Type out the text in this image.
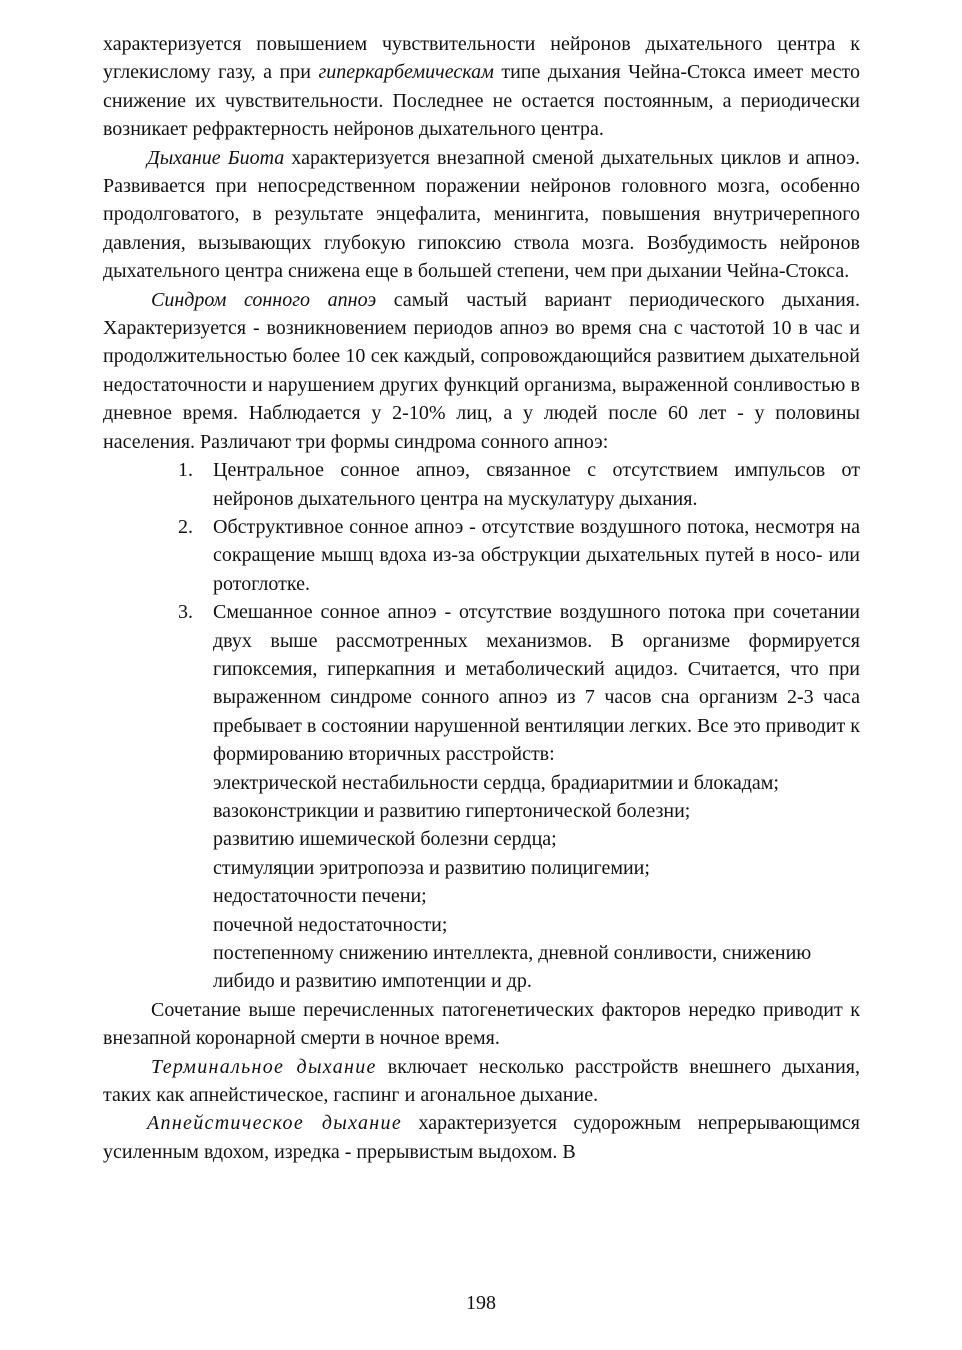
характеризуется повышением чувствительности нейронов дыхательного центра к углекислому газу, а при гиперкарбемическам типе дыхания Чейна-Стокса имеет место снижение их чувствительности. Последнее не остается постоянным, а периодически возникает рефрактерность нейронов дыхательного центра.

Дыхание Биота характеризуется внезапной сменой дыхательных циклов и апноэ. Развивается при непосредственном поражении нейронов головного мозга, особенно продолговатого, в результате энцефалита, менингита, повышения внутричерепного давления, вызывающих глубокую гипоксию ствола мозга. Возбудимость нейронов дыхательного центра снижена еще в большей степени, чем при дыхании Чейна-Стокса.

Синдром сонного апноэ самый частый вариант периодического дыхания. Характеризуется - возникновением периодов апноэ во время сна с частотой 10 в час и продолжительностью более 10 сек каждый, сопровождающийся развитием дыхательной недостаточности и нарушением других функций организма, выраженной сонливостью в дневное время. Наблюдается у 2-10% лиц, а у людей после 60 лет - у половины населения. Различают три формы синдрома сонного апноэ:

1. Центральное сонное апноэ, связанное с отсутствием импульсов от нейронов дыхательного центра на мускулатуру дыхания.
2. Обструктивное сонное апноэ - отсутствие воздушного потока, несмотря на сокращение мышц вдоха из-за обструкции дыхательных путей в носо- или ротоглотке.
3. Смешанное сонное апноэ - отсутствие воздушного потока при сочетании двух выше рассмотренных механизмов. В организме формируется гипоксемия, гиперкапния и метаболический ацидоз. Считается, что при выраженном синдроме сонного апноэ из 7 часов сна организм 2-3 часа пребывает в состоянии нарушенной вентиляции легких. Все это приводит к формированию вторичных расстройств:
электрической нестабильности сердца, брадиаритмии и блокадам;
вазоконстрикции и развитию гипертонической болезни;
развитию ишемической болезни сердца;
стимуляции эритропоэза и развитию полицигемии;
недостаточности печени;
почечной недостаточности;
постепенному снижению интеллекта, дневной сонливости, снижению либидо и развитию импотенции и др.

Сочетание выше перечисленных патогенетических факторов нередко приводит к внезапной коронарной смерти в ночное время.

Терминальное дыхание включает несколько расстройств внешнего дыхания, таких как апнейстическое, гаспинг и агональное дыхание.

Апнейстическое дыхание характеризуется судорожным непрерывающимся усиленным вдохом, изредка - прерывистым выдохом. В

198
